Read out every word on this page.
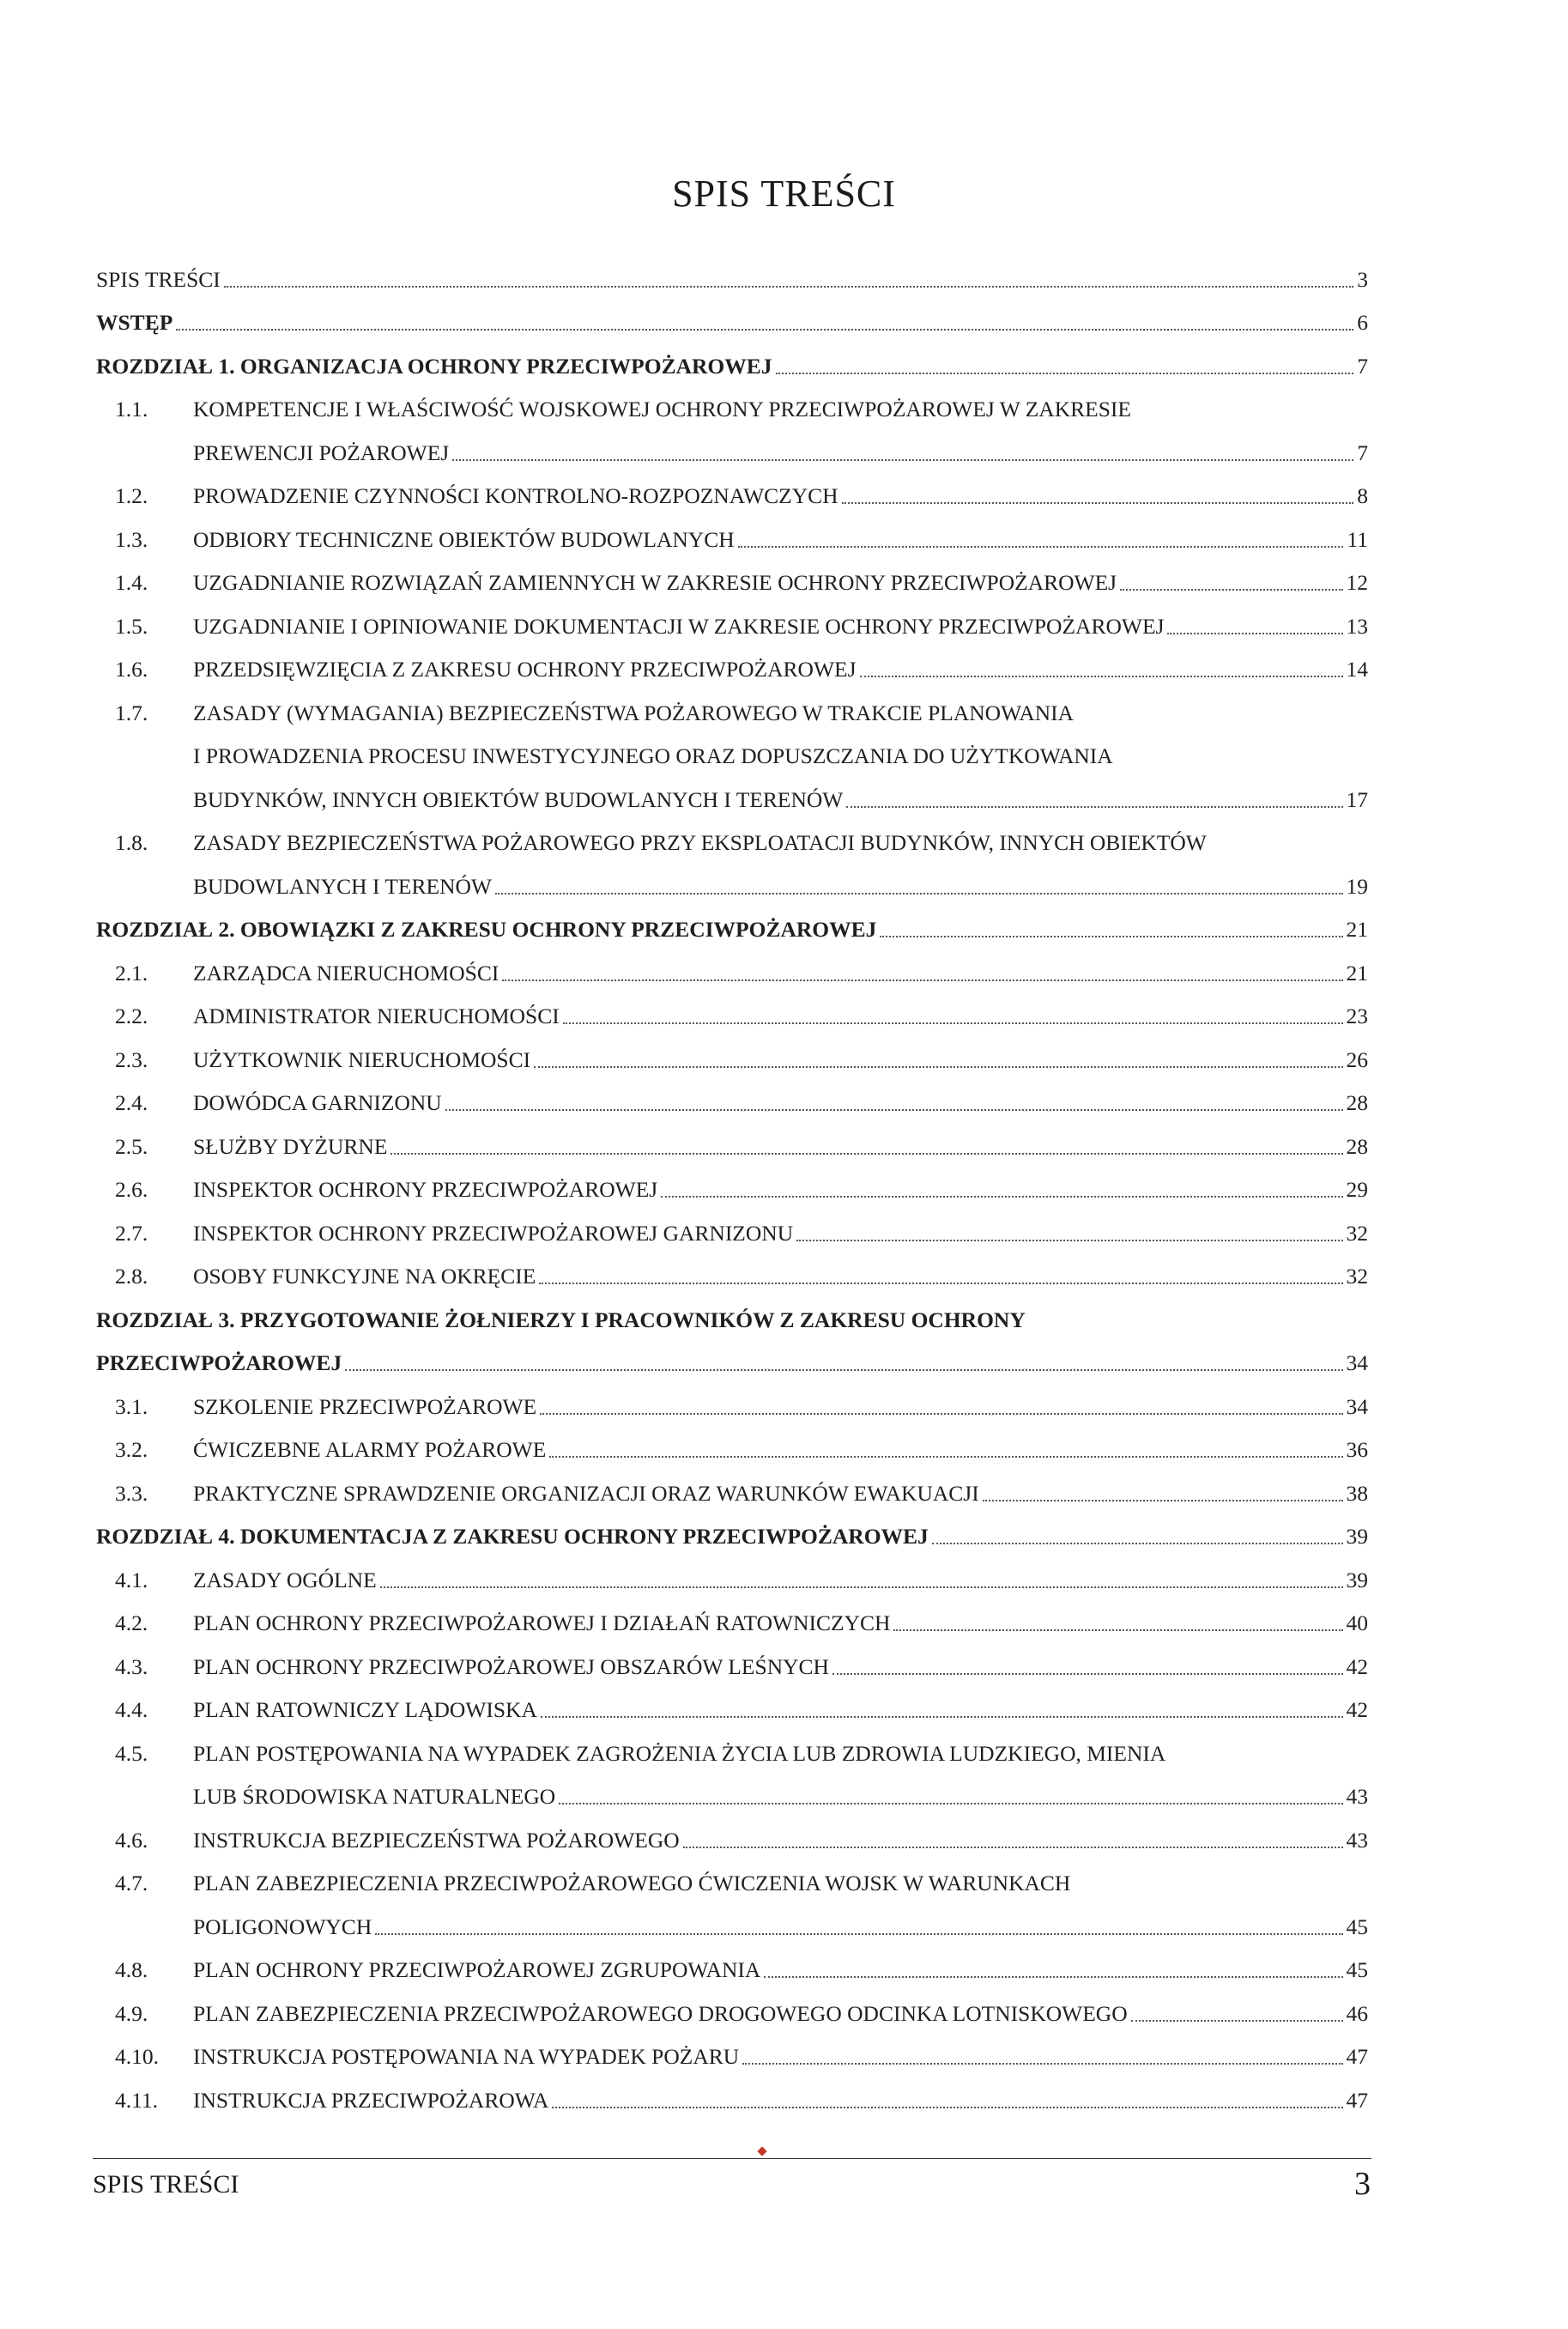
SPIS TREŚCI
SPIS TREŚCI	3
WSTĘP	6
ROZDZIAŁ 1. ORGANIZACJA OCHRONY PRZECIWPOŻAROWEJ	7
1.1.	KOMPETENCJE I WŁAŚCIWOŚĆ WOJSKOWEJ OCHRONY PRZECIWPOŻAROWEJ W ZAKRESIE
PREWENCJI POŻAROWEJ	7
1.2.	PROWADZENIE CZYNNOŚCI KONTROLNO-ROZPOZNAWCZYCH	8
1.3.	ODBIORY TECHNICZNE OBIEKTÓW BUDOWLANYCH	11
1.4.	UZGADNIANIE ROZWIĄZAŃ ZAMIENNYCH W ZAKRESIE OCHRONY PRZECIWPOŻAROWEJ	12
1.5.	UZGADNIANIE I OPINIOWANIE DOKUMENTACJI W ZAKRESIE OCHRONY PRZECIWPOŻAROWEJ	13
1.6.	PRZEDSIĘWZIĘCIA Z ZAKRESU OCHRONY PRZECIWPOŻAROWEJ	14
1.7.	ZASADY (WYMAGANIA) BEZPIECZEŃSTWA POŻAROWEGO W TRAKCIE PLANOWANIA
I PROWADZENIA PROCESU INWESTYCYJNEGO ORAZ DOPUSZCZANIA DO UŻYTKOWANIA
BUDYNKÓW, INNYCH OBIEKTÓW BUDOWLANYCH I TERENÓW	17
1.8.	ZASADY BEZPIECZEŃSTWA POŻAROWEGO PRZY EKSPLOATACJI BUDYNKÓW, INNYCH OBIEKTÓW
BUDOWLANYCH I TERENÓW	19
ROZDZIAŁ 2. OBOWIĄZKI Z ZAKRESU OCHRONY PRZECIWPOŻAROWEJ	21
2.1.	ZARZĄDCA NIERUCHOMOŚCI	21
2.2.	ADMINISTRATOR NIERUCHOMOŚCI	23
2.3.	UŻYTKOWNIK NIERUCHOMOŚCI	26
2.4.	DOWÓDCA GARNIZONU	28
2.5.	SŁUŻBY DYŻURNE	28
2.6.	INSPEKTOR OCHRONY PRZECIWPOŻAROWEJ	29
2.7.	INSPEKTOR OCHRONY PRZECIWPOŻAROWEJ GARNIZONU	32
2.8.	OSOBY FUNKCYJNE NA OKRĘCIE	32
ROZDZIAŁ 3. PRZYGOTOWANIE ŻOŁNIERZY I PRACOWNIKÓW Z ZAKRESU OCHRONY
PRZECIWPOŻAROWEJ	34
3.1.	SZKOLENIE PRZECIWPOŻAROWE	34
3.2.	ĆWICZEBNE ALARMY POŻAROWE	36
3.3.	PRAKTYCZNE SPRAWDZENIE ORGANIZACJI ORAZ WARUNKÓW EWAKUACJI	38
ROZDZIAŁ 4. DOKUMENTACJA Z ZAKRESU OCHRONY PRZECIWPOŻAROWEJ	39
4.1.	ZASADY OGÓLNE	39
4.2.	PLAN OCHRONY PRZECIWPOŻAROWEJ I DZIAŁAŃ RATOWNICZYCH	40
4.3.	PLAN OCHRONY PRZECIWPOŻAROWEJ OBSZARÓW LEŚNYCH	42
4.4.	PLAN RATOWNICZY LĄDOWISKA	42
4.5.	PLAN POSTĘPOWANIA NA WYPADEK ZAGROŻENIA ŻYCIA LUB ZDROWIA LUDZKIEGO, MIENIA
LUB ŚRODOWISKA NATURALNEGO	43
4.6.	INSTRUKCJA BEZPIECZEŃSTWA POŻAROWEGO	43
4.7.	PLAN ZABEZPIECZENIA PRZECIWPOŻAROWEGO ĆWICZENIA WOJSK W WARUNKACH
POLIGONOWYCH	45
4.8.	PLAN OCHRONY PRZECIWPOŻAROWEJ ZGRUPOWANIA	45
4.9.	PLAN ZABEZPIECZENIA PRZECIWPOŻAROWEGO DROGOWEGO ODCINKA LOTNISKOWEGO	46
4.10.	INSTRUKCJA POSTĘPOWANIA NA WYPADEK POŻARU	47
4.11.	INSTRUKCJA PRZECIWPOŻAROWA	47
SPIS TREŚCI	3
